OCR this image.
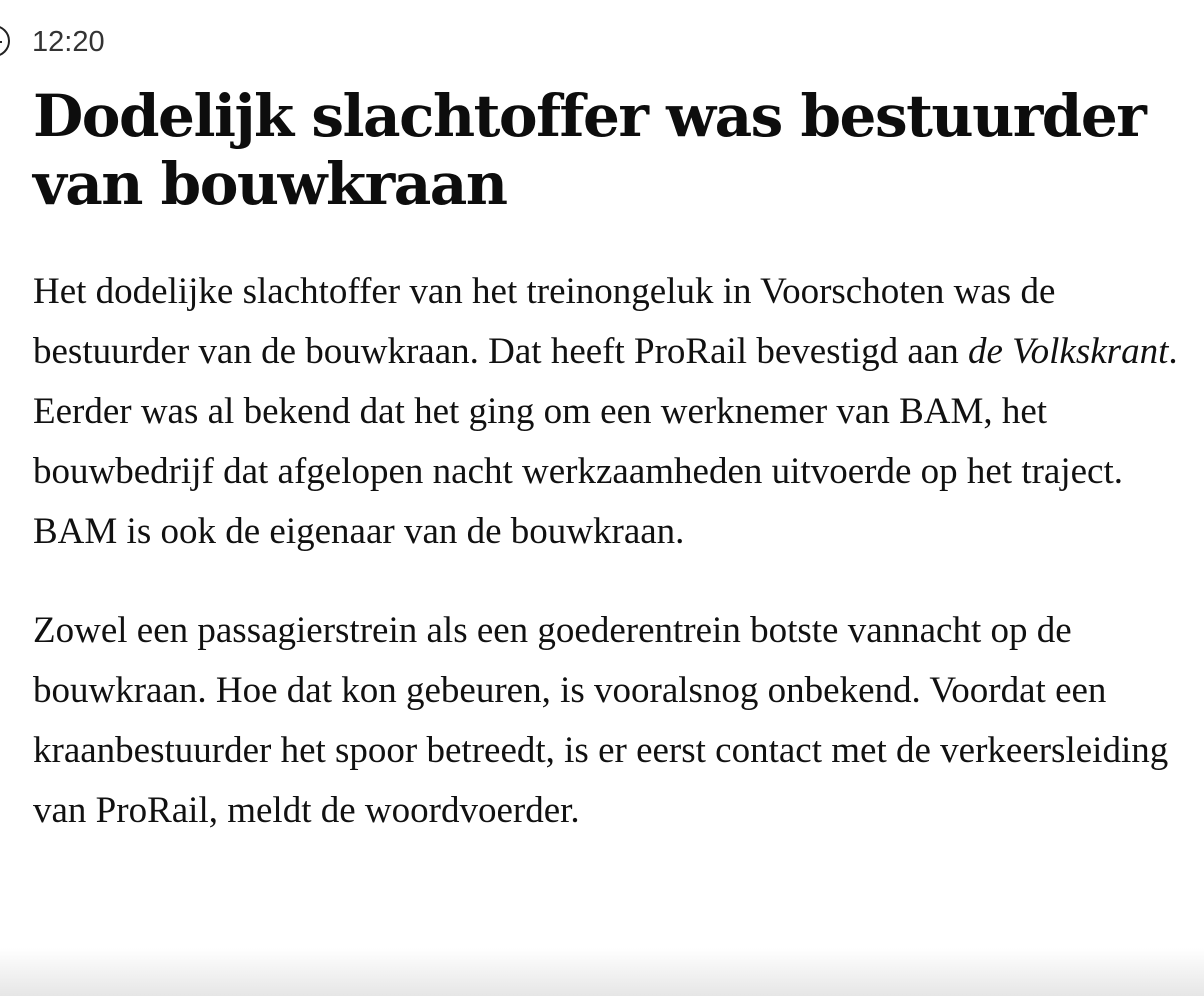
12:20
Dodelijk slachtoffer was bestuurder van bouwkraan

Het dodelijke slachtoffer van het treinongeluk in Voorschoten was de bestuurder van de bouwkraan. Dat heeft ProRail bevestigd aan de Volkskrant. Eerder was al bekend dat het ging om een werknemer van BAM, het bouwbedrijf dat afgelopen nacht werkzaamheden uitvoerde op het traject. BAM is ook de eigenaar van de bouwkraan.

Zowel een passagierstrein als een goederentrein botste vannacht op de bouwkraan. Hoe dat kon gebeuren, is vooralsnog onbekend. Voordat een kraanbestuurder het spoor betreedt, is er eerst contact met de verkeersleiding van ProRail, meldt de woordvoerder.
